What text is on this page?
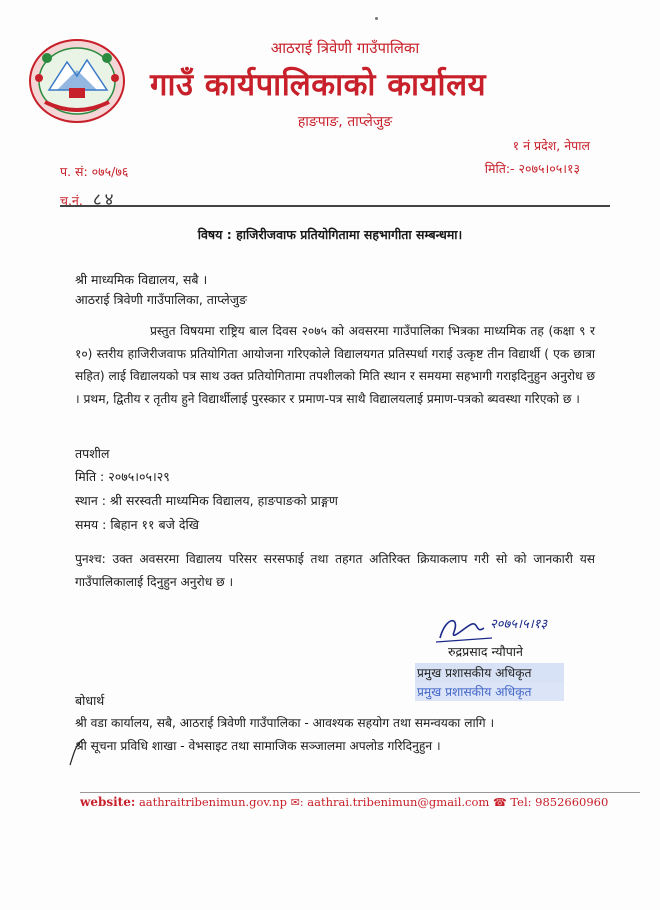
आठराई त्रिवेणी गाउँपालिका
गाउँ कार्यपालिकाको कार्यालय
हाङपाङ, ताप्लेजुङ
१ नं प्रदेश, नेपाल
मिति:- २०७५।०५।१३
प. सं: ०७५/७६
च.नं. ८४
विषय : हाजिरीजवाफ प्रतियोगितामा सहभागीता सम्बन्धमा।
श्री माध्यमिक विद्यालय, सबै ।
आठराई त्रिवेणी गाउँपालिका, ताप्लेजुङ
प्रस्तुत विषयमा राष्ट्रिय बाल दिवस २०७५ को अवसरमा गाउँपालिका भित्रका माध्यमिक तह (कक्षा ९ र १०) स्तरीय हाजिरीजवाफ प्रतियोगिता आयोजना गरिएकोले विद्यालयगत प्रतिस्पर्धा गराई उत्कृष्ट तीन विद्यार्थी ( एक छात्रा सहित) लाई विद्यालयको पत्र साथ उक्त प्रतियोगितामा तपशीलको मिति स्थान र समयमा सहभागी गराइदिनुहुन अनुरोध छ । प्रथम, द्वितीय र तृतीय हुने विद्यार्थीलाई पुरस्कार र प्रमाण-पत्र साथै विद्यालयलाई प्रमाण-पत्रको ब्यवस्था गरिएको छ ।
तपशील
मिति : २०७५।०५।२९
स्थान : श्री सरस्वती माध्यमिक विद्यालय, हाङपाङको प्राङ्गण
समय : बिहान ११ बजे देखि
पुनश्च: उक्त अवसरमा विद्यालय परिसर सरसफाई तथा तहगत अतिरिक्त क्रियाकलाप गरी सो को जानकारी यस गाउँपालिकालाई दिनुहुन अनुरोध छ ।
२०७५।५।१३
रुद्रप्रसाद न्यौपाने
प्रमुख प्रशासकीय अधिकृत
प्रमुख प्रशासकीय अधिकृत
बोधार्थ
श्री वडा कार्यालय, सबै, आठराई त्रिवेणी गाउँपालिका - आवश्यक सहयोग तथा समन्वयका लागि ।
श्री सूचना प्रविधि शाखा - वेभसाइट तथा सामाजिक सञ्जालमा अपलोड गरिदिनुहुन ।
website: aathraitribenimun.gov.np ✉: aathrai.tribenimun@gmail.com ☎ Tel: 9852660960
